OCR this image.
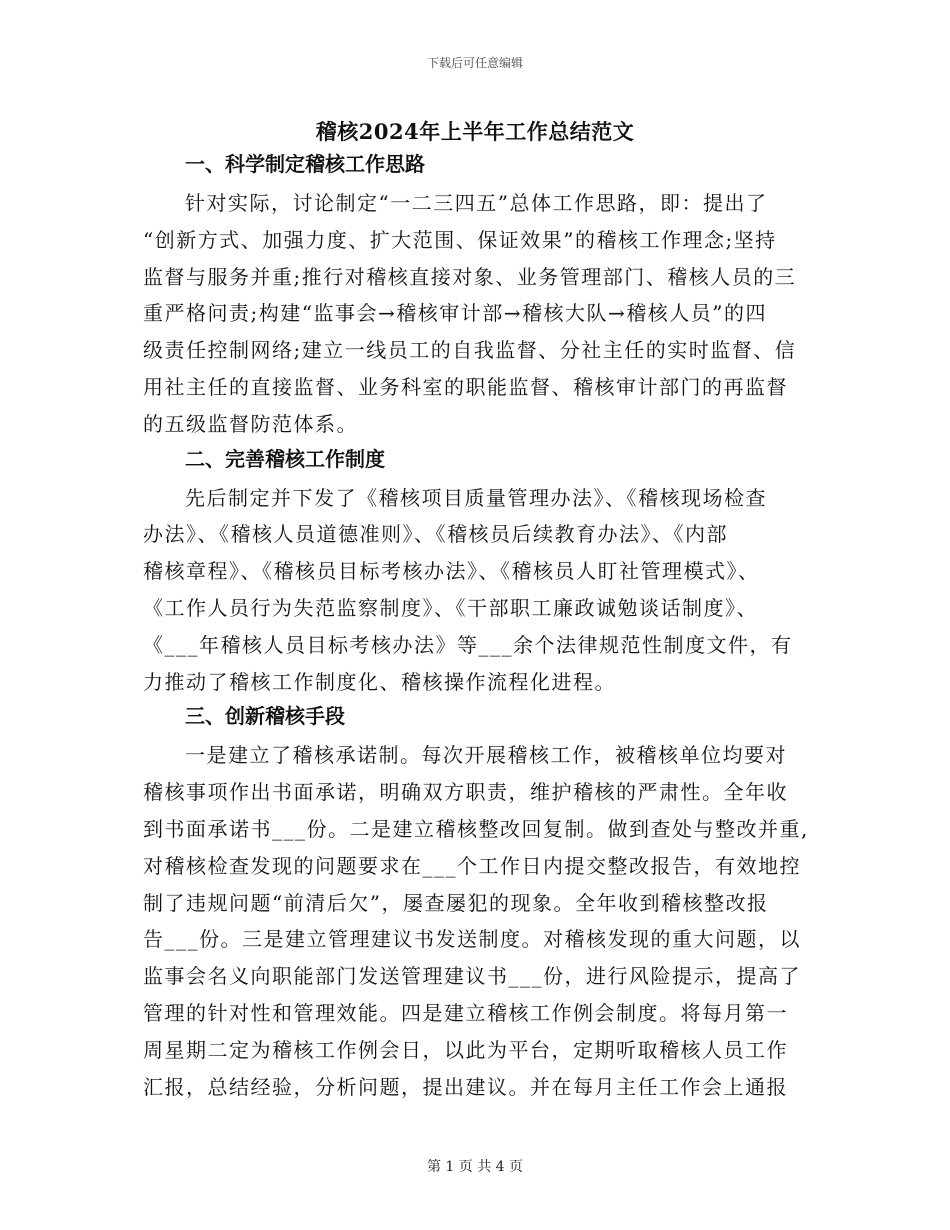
下载后可任意编辑
稽核2024年上半年工作总结范文

一、科学制定稽核工作思路

针对实际，讨论制定“一二三四五”总体工作思路，即：提出了

“创新方式、加强力度、扩大范围、保证效果”的稽核工作理念;坚持

监督与服务并重;推行对稽核直接对象、业务管理部门、稽核人员的三

重严格问责;构建“监事会→稽核审计部→稽核大队→稽核人员”的四

级责任控制网络;建立一线员工的自我监督、分社主任的实时监督、信

用社主任的直接监督、业务科室的职能监督、稽核审计部门的再监督

的五级监督防范体系。

二、完善稽核工作制度

先后制定并下发了《稽核项目质量管理办法》、《稽核现场检查

办法》、《稽核人员道德准则》、《稽核员后续教育办法》、《内部

稽核章程》、《稽核员目标考核办法》、《稽核员人盯社管理模式》、

《工作人员行为失范监察制度》、《干部职工廉政诚勉谈话制度》、

《___年稽核人员目标考核办法》等___余个法律规范性制度文件，有

力推动了稽核工作制度化、稽核操作流程化进程。

三、创新稽核手段

一是建立了稽核承诺制。每次开展稽核工作，被稽核单位均要对

稽核事项作出书面承诺，明确双方职责，维护稽核的严肃性。全年收

到书面承诺书___份。二是建立稽核整改回复制。做到查处与整改并重,

对稽核检查发现的问题要求在___个工作日内提交整改报告，有效地控

制了违规问题“前清后欠”，屡查屡犯的现象。全年收到稽核整改报

告___份。三是建立管理建议书发送制度。对稽核发现的重大问题，以

监事会名义向职能部门发送管理建议书___份，进行风险提示，提高了

管理的针对性和管理效能。四是建立稽核工作例会制度。将每月第一

周星期二定为稽核工作例会日，以此为平台，定期听取稽核人员工作

汇报，总结经验，分析问题，提出建议。并在每月主任工作会上通报

第 1 页 共 4 页
